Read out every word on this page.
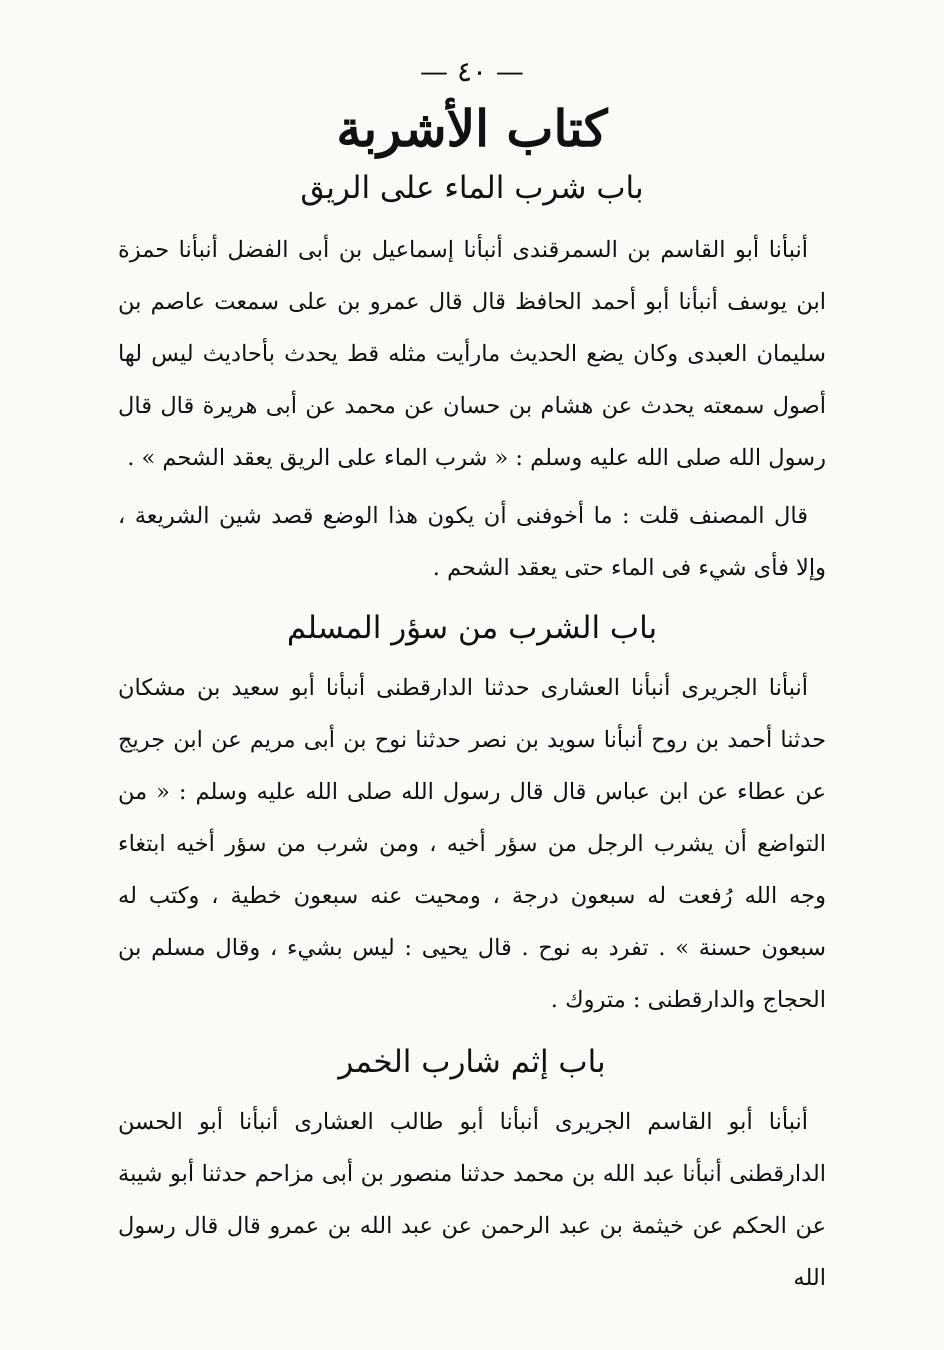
— ٤٠ —
كتاب الأشربة
باب شرب الماء على الريق

أنبأنا أبو القاسم بن السمرقندى أنبأنا إسماعيل بن أبى الفضل أنبأنا حمزة ابن يوسف أنبأنا أبو أحمد الحافظ قال قال عمرو بن على سمعت عاصم بن سليمان العبدى وكان يضع الحديث مارأيت مثله قط يحدث بأحاديث ليس لها أصول سمعته يحدث عن هشام بن حسان عن محمد عن أبى هريرة قال قال رسول الله صلى الله عليه وسلم : « شرب الماء على الريق يعقد الشحم » .

قال المصنف قلت : ما أخوفنى أن يكون هذا الوضع قصد شين الشريعة ، وإلا فأى شيء فى الماء حتى يعقد الشحم .

باب الشرب من سؤر المسلم

أنبأنا الجريرى أنبأنا العشارى حدثنا الدارقطنى أنبأنا أبو سعيد بن مشكان حدثنا أحمد بن روح أنبأنا سويد بن نصر حدثنا نوح بن أبى مريم عن ابن جريج عن عطاء عن ابن عباس قال قال رسول الله صلى الله عليه وسلم : « من التواضع أن يشرب الرجل من سؤر أخيه ، ومن شرب من سؤر أخيه ابتغاء وجه الله رُفعت له سبعون درجة ، ومحيت عنه سبعون خطية ، وكتب له سبعون حسنة » . تفرد به نوح . قال يحيى : ليس بشيء ، وقال مسلم بن الحجاج والدارقطنى : متروك .

باب إثم شارب الخمر

أنبأنا أبو القاسم الجريرى أنبأنا أبو طالب العشارى أنبأنا أبو الحسن الدارقطنى أنبأنا عبد الله بن محمد حدثنا منصور بن أبى مزاحم حدثنا أبو شيبة عن الحكم عن خيثمة بن عبد الرحمن عن عبد الله بن عمرو قال قال رسول الله
